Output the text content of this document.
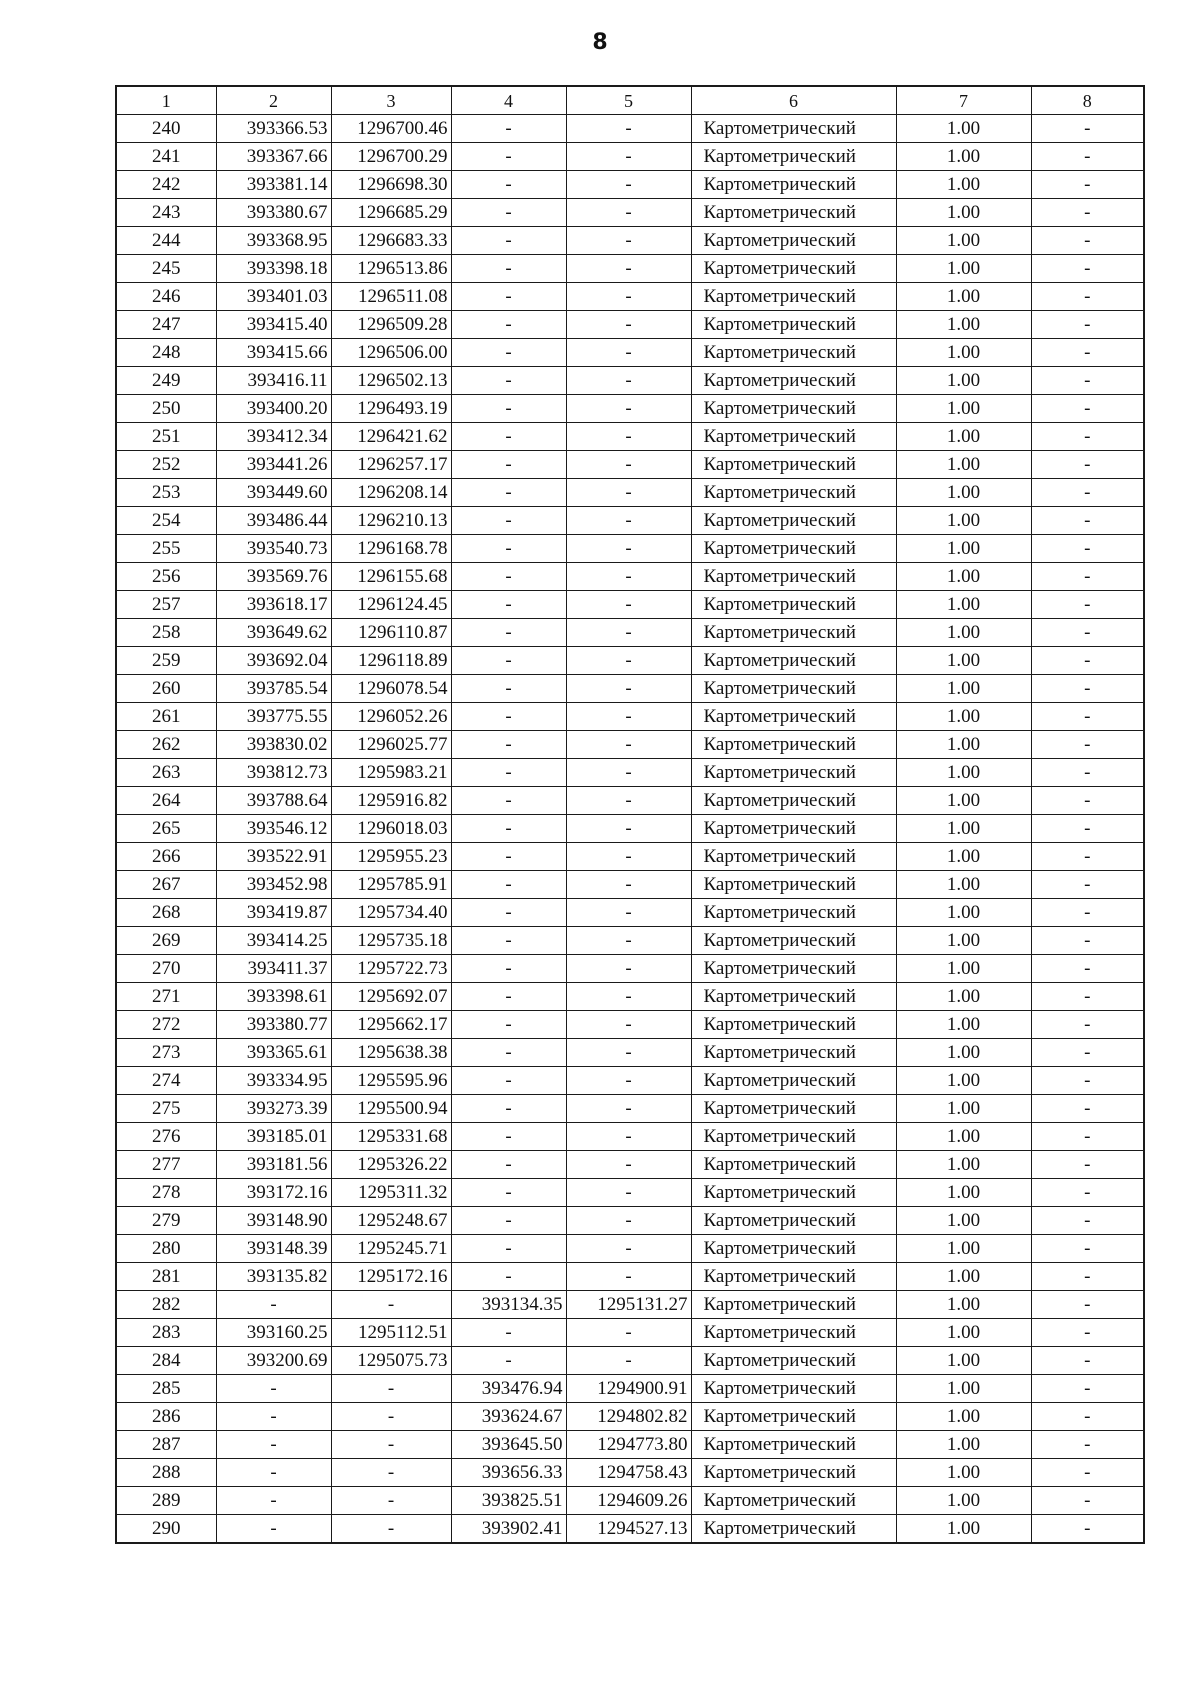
8
1	2	3	4	5	6	7	8
240	393366.53	1296700.46	-	-	Картометрический	1.00	-
241	393367.66	1296700.29	-	-	Картометрический	1.00	-
242	393381.14	1296698.30	-	-	Картометрический	1.00	-
243	393380.67	1296685.29	-	-	Картометрический	1.00	-
244	393368.95	1296683.33	-	-	Картометрический	1.00	-
245	393398.18	1296513.86	-	-	Картометрический	1.00	-
246	393401.03	1296511.08	-	-	Картометрический	1.00	-
247	393415.40	1296509.28	-	-	Картометрический	1.00	-
248	393415.66	1296506.00	-	-	Картометрический	1.00	-
249	393416.11	1296502.13	-	-	Картометрический	1.00	-
250	393400.20	1296493.19	-	-	Картометрический	1.00	-
251	393412.34	1296421.62	-	-	Картометрический	1.00	-
252	393441.26	1296257.17	-	-	Картометрический	1.00	-
253	393449.60	1296208.14	-	-	Картометрический	1.00	-
254	393486.44	1296210.13	-	-	Картометрический	1.00	-
255	393540.73	1296168.78	-	-	Картометрический	1.00	-
256	393569.76	1296155.68	-	-	Картометрический	1.00	-
257	393618.17	1296124.45	-	-	Картометрический	1.00	-
258	393649.62	1296110.87	-	-	Картометрический	1.00	-
259	393692.04	1296118.89	-	-	Картометрический	1.00	-
260	393785.54	1296078.54	-	-	Картометрический	1.00	-
261	393775.55	1296052.26	-	-	Картометрический	1.00	-
262	393830.02	1296025.77	-	-	Картометрический	1.00	-
263	393812.73	1295983.21	-	-	Картометрический	1.00	-
264	393788.64	1295916.82	-	-	Картометрический	1.00	-
265	393546.12	1296018.03	-	-	Картометрический	1.00	-
266	393522.91	1295955.23	-	-	Картометрический	1.00	-
267	393452.98	1295785.91	-	-	Картометрический	1.00	-
268	393419.87	1295734.40	-	-	Картометрический	1.00	-
269	393414.25	1295735.18	-	-	Картометрический	1.00	-
270	393411.37	1295722.73	-	-	Картометрический	1.00	-
271	393398.61	1295692.07	-	-	Картометрический	1.00	-
272	393380.77	1295662.17	-	-	Картометрический	1.00	-
273	393365.61	1295638.38	-	-	Картометрический	1.00	-
274	393334.95	1295595.96	-	-	Картометрический	1.00	-
275	393273.39	1295500.94	-	-	Картометрический	1.00	-
276	393185.01	1295331.68	-	-	Картометрический	1.00	-
277	393181.56	1295326.22	-	-	Картометрический	1.00	-
278	393172.16	1295311.32	-	-	Картометрический	1.00	-
279	393148.90	1295248.67	-	-	Картометрический	1.00	-
280	393148.39	1295245.71	-	-	Картометрический	1.00	-
281	393135.82	1295172.16	-	-	Картометрический	1.00	-
282	-	-	393134.35	1295131.27	Картометрический	1.00	-
283	393160.25	1295112.51	-	-	Картометрический	1.00	-
284	393200.69	1295075.73	-	-	Картометрический	1.00	-
285	-	-	393476.94	1294900.91	Картометрический	1.00	-
286	-	-	393624.67	1294802.82	Картометрический	1.00	-
287	-	-	393645.50	1294773.80	Картометрический	1.00	-
288	-	-	393656.33	1294758.43	Картометрический	1.00	-
289	-	-	393825.51	1294609.26	Картометрический	1.00	-
290	-	-	393902.41	1294527.13	Картометрический	1.00	-
